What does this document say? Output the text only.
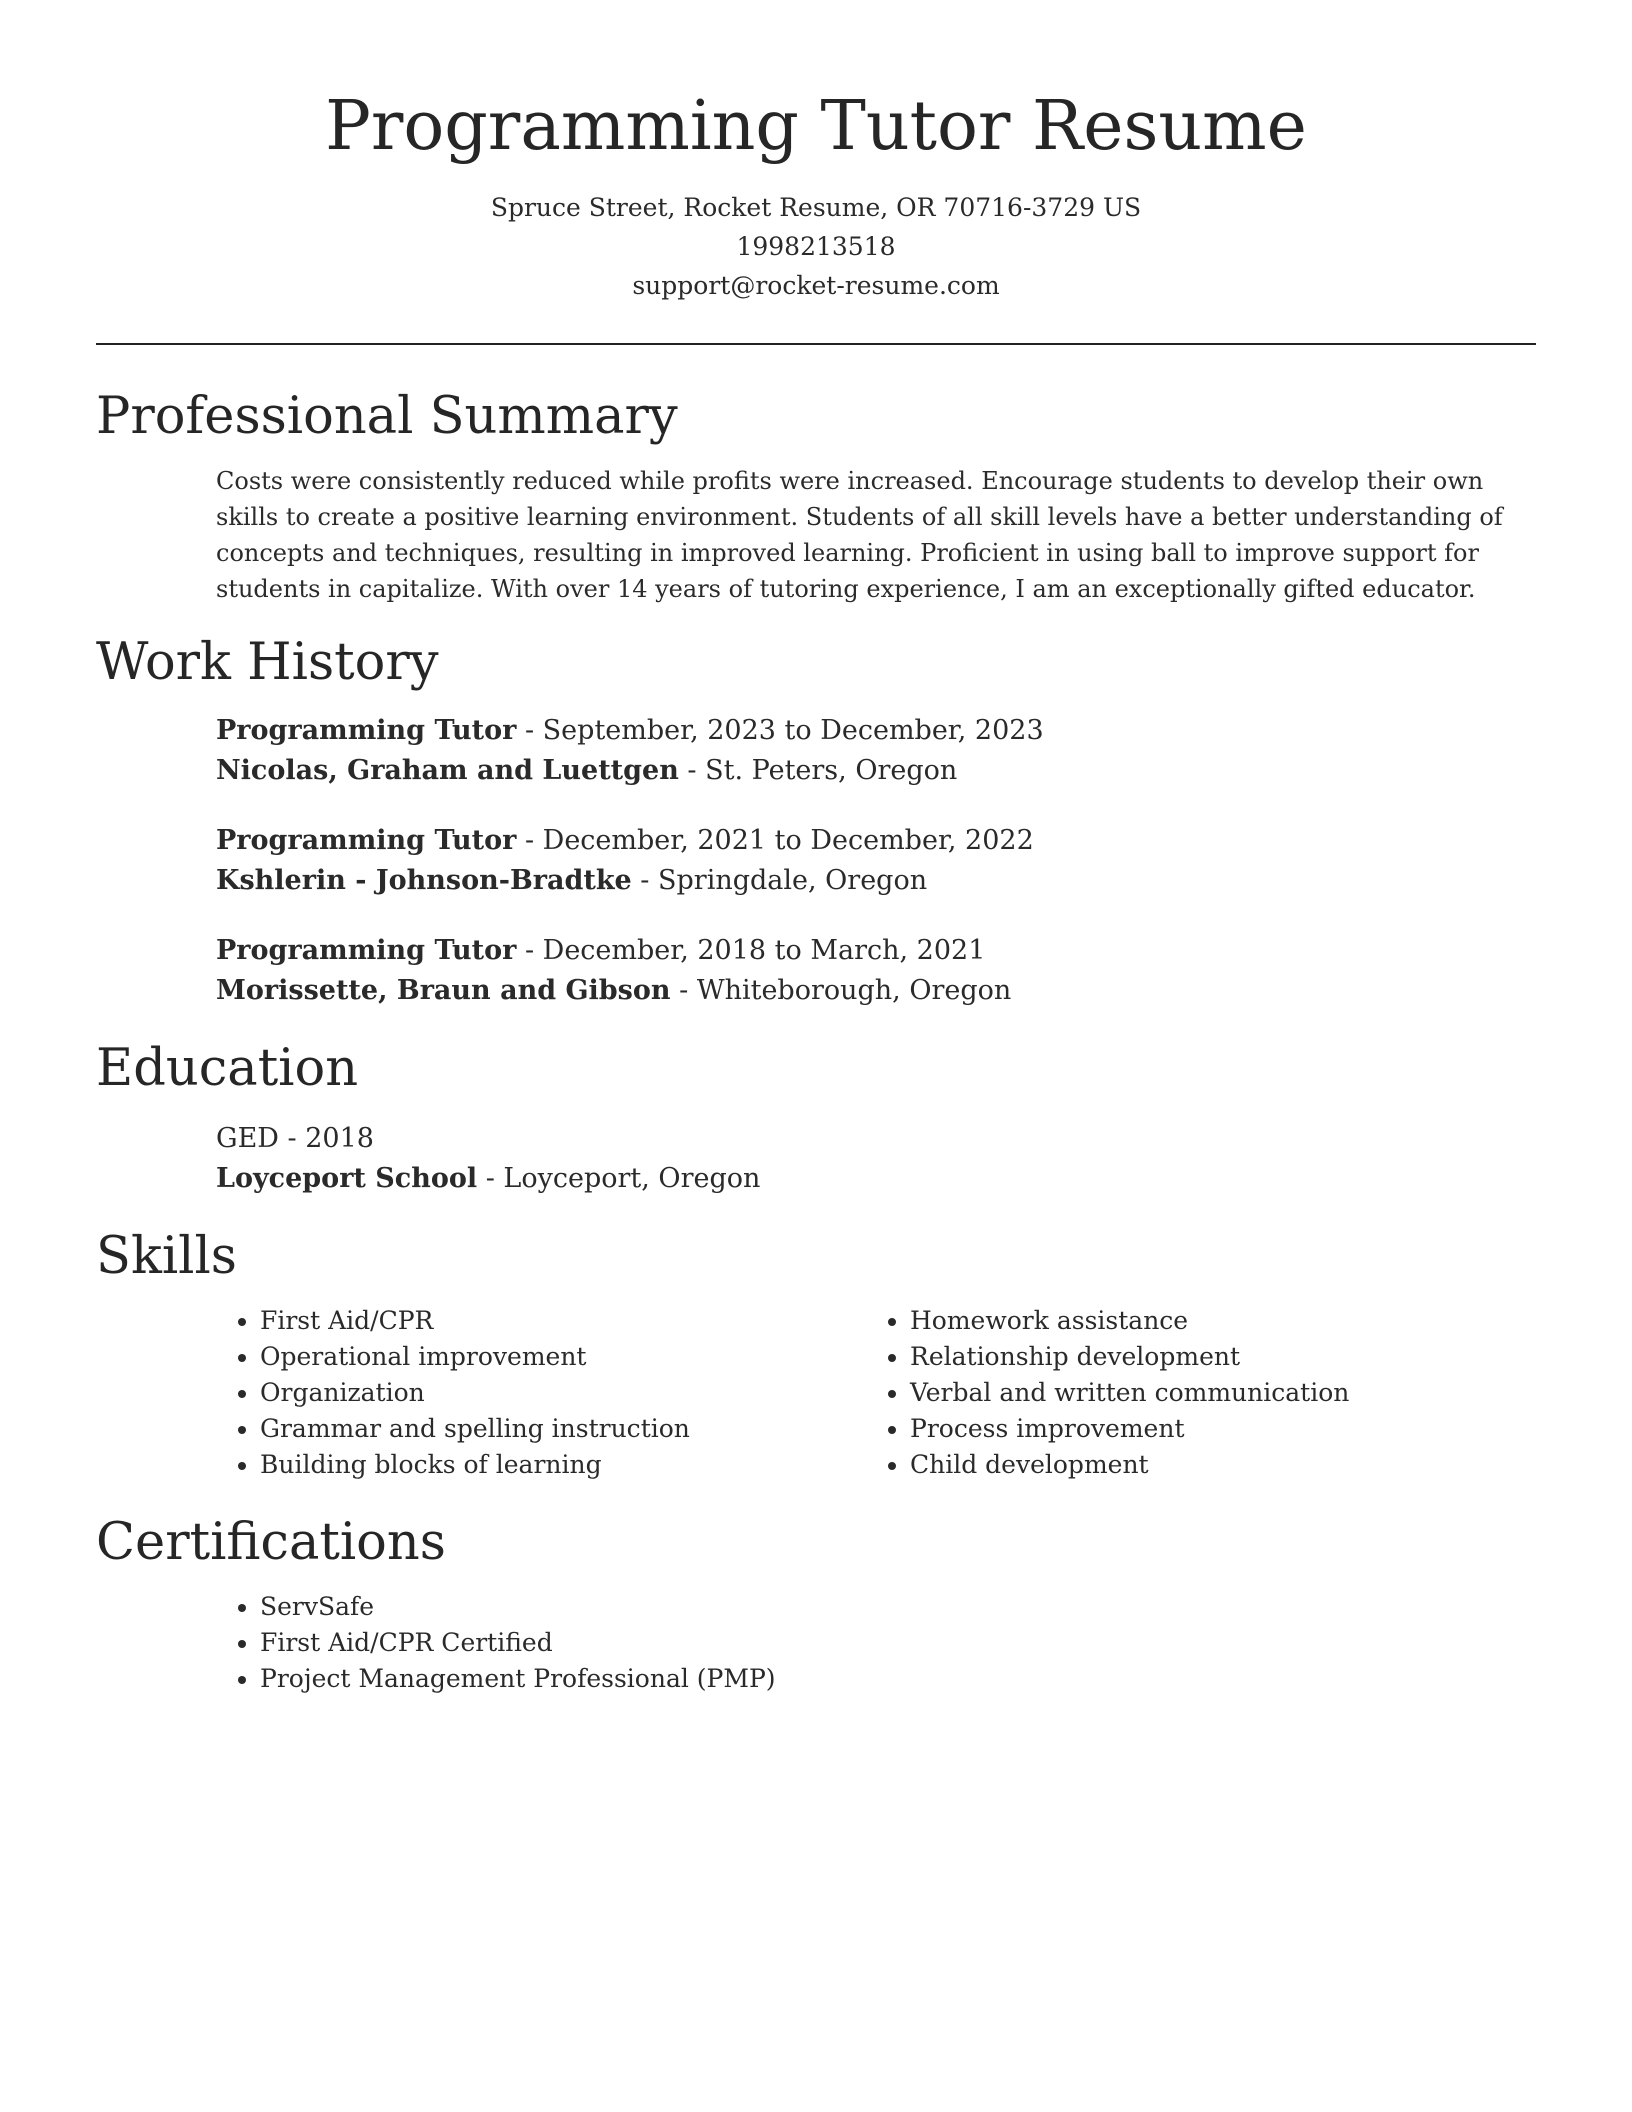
Programming Tutor Resume
Spruce Street, Rocket Resume, OR 70716-3729 US
1998213518
support@rocket-resume.com
Professional Summary
Costs were consistently reduced while profits were increased. Encourage students to develop their own skills to create a positive learning environment. Students of all skill levels have a better understanding of concepts and techniques, resulting in improved learning. Proficient in using ball to improve support for students in capitalize. With over 14 years of tutoring experience, I am an exceptionally gifted educator.
Work History
Programming Tutor - September, 2023 to December, 2023
Nicolas, Graham and Luettgen - St. Peters, Oregon
Programming Tutor - December, 2021 to December, 2022
Kshlerin - Johnson-Bradtke - Springdale, Oregon
Programming Tutor - December, 2018 to March, 2021
Morissette, Braun and Gibson - Whiteborough, Oregon
Education
GED - 2018
Loyceport School - Loyceport, Oregon
Skills
• First Aid/CPR
• Operational improvement
• Organization
• Grammar and spelling instruction
• Building blocks of learning
• Homework assistance
• Relationship development
• Verbal and written communication
• Process improvement
• Child development
Certifications
• ServSafe
• First Aid/CPR Certified
• Project Management Professional (PMP)
